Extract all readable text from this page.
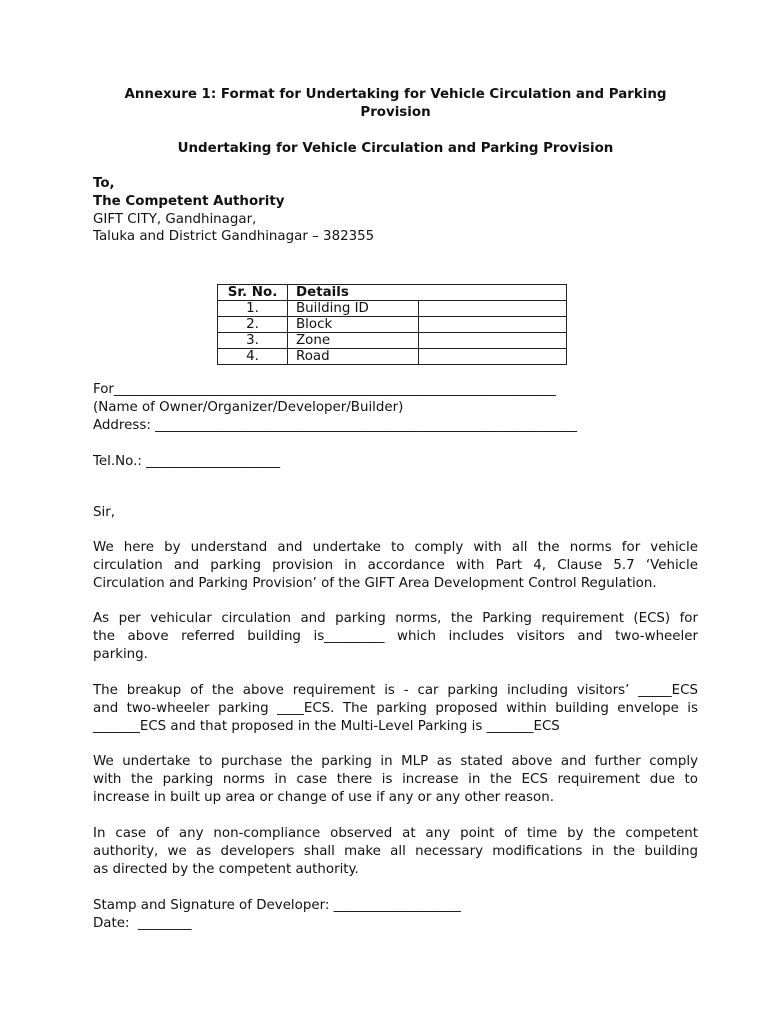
Annexure 1: Format for Undertaking for Vehicle Circulation and Parking
Provision
Undertaking for Vehicle Circulation and Parking Provision
To,
The Competent Authority
GIFT CITY, Gandhinagar,
Taluka and District Gandhinagar – 382355
Sr. No.	Details	
1.	Building ID	
2.	Block	
3.	Zone	
4.	Road	
For__________________________________________________________________
(Name of Owner/Organizer/Developer/Builder)
Address: _______________________________________________________________
Tel.No.: ____________________
Sir,
We here by understand and undertake to comply with all the norms for vehicle
circulation and parking provision in accordance with Part 4, Clause 5.7 ‘Vehicle
Circulation and Parking Provision’ of the GIFT Area Development Control Regulation.
As per vehicular circulation and parking norms, the Parking requirement (ECS) for
the above referred building is_________ which includes visitors and two-wheeler
parking.
The breakup of the above requirement is - car parking including visitors’ _____ECS
and two-wheeler parking ____ECS. The parking proposed within building envelope is
_______ECS and that proposed in the Multi-Level Parking is _______ECS
We undertake to purchase the parking in MLP as stated above and further comply
with the parking norms in case there is increase in the ECS requirement due to
increase in built up area or change of use if any or any other reason.
In case of any non-compliance observed at any point of time by the competent
authority, we as developers shall make all necessary modifications in the building
as directed by the competent authority.
Stamp and Signature of Developer: ___________________
Date:  ________
